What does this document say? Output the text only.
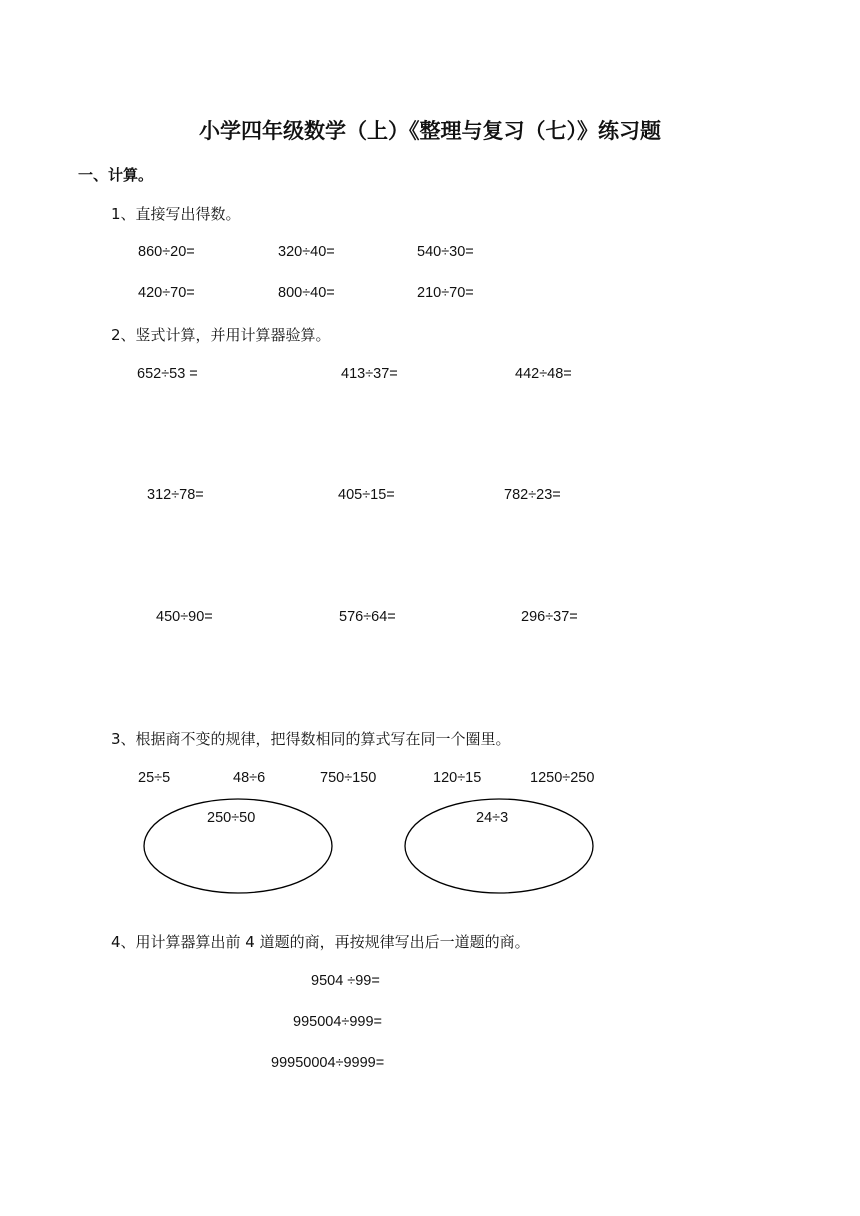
小学四年级数学（上）《整理与复习（七）》练习题
一、计算。
1、直接写出得数。
860÷20=	320÷40=	540÷30=
420÷70=	800÷40=	210÷70=
2、竖式计算，并用计算器验算。
652÷53 =	413÷37=	442÷48=
312÷78=	405÷15=	782÷23=
450÷90=	576÷64=	296÷37=
3、根据商不变的规律，把得数相同的算式写在同一个圈里。
25÷5	48÷6	750÷150	120÷15	1250÷250
250÷50	24÷3
4、用计算器算出前 4 道题的商，再按规律写出后一道题的商。
9504 ÷99=
995004÷999=
99950004÷9999=
